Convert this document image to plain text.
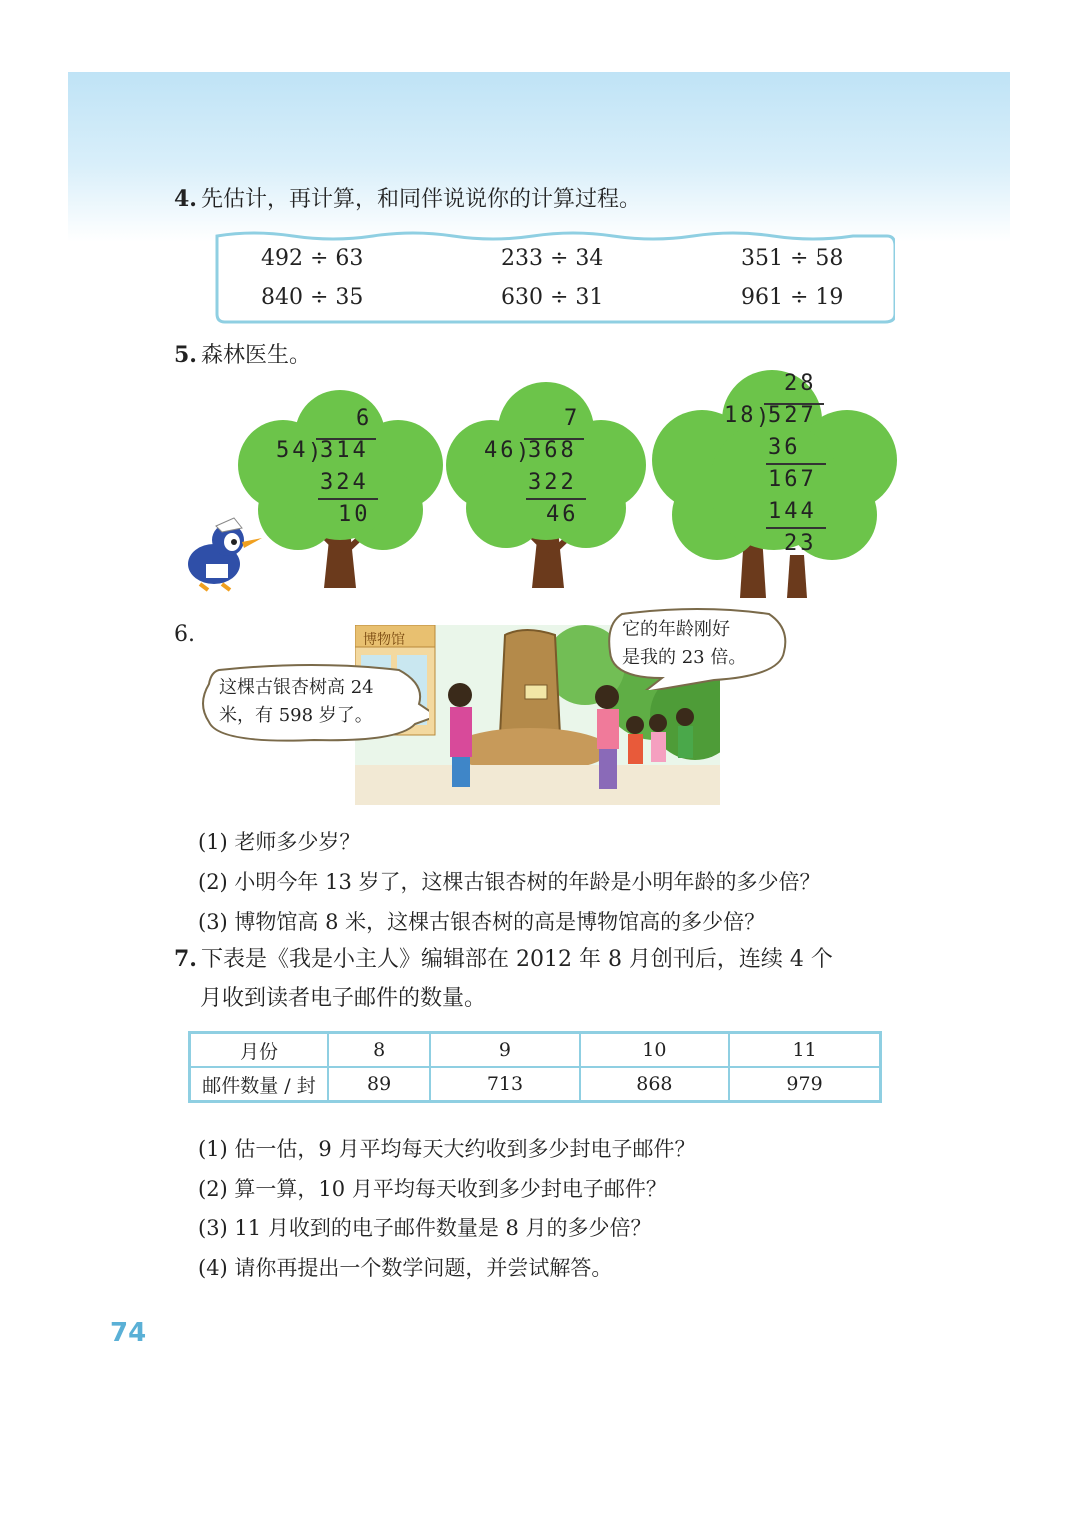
4. 先估计，再计算，和同伴说说你的计算过程。
492 ÷ 63	233 ÷ 34	351 ÷ 58
840 ÷ 35	630 ÷ 31	961 ÷ 19
5. 森林医生。
6
54 )
314
324
10
7
46 )
368
322
46
28
18 )
527
36
167
144
23
6.	博物馆
这棵古银杏树高 24
米，有 598 岁了。
它的年龄刚好
是我的 23 倍。
(1) 老师多少岁？
(2) 小明今年 13 岁了，这棵古银杏树的年龄是小明年龄的多少倍？
(3) 博物馆高 8 米，这棵古银杏树的高是博物馆高的多少倍？
7. 下表是《我是小主人》编辑部在 2012 年 8 月创刊后，连续 4 个
月收到读者电子邮件的数量。
月份	8	9	10	11
邮件数量 / 封	89	713	868	979
(1) 估一估，9 月平均每天大约收到多少封电子邮件？
(2) 算一算，10 月平均每天收到多少封电子邮件？
(3) 11 月收到的电子邮件数量是 8 月的多少倍？
(4) 请你再提出一个数学问题，并尝试解答。
74
